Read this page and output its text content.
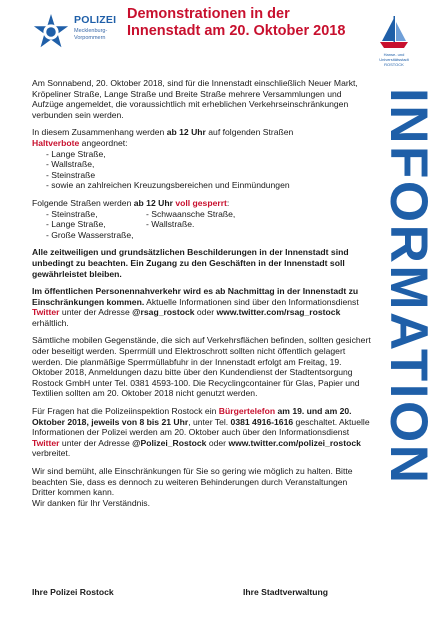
POLIZEI
Mecklenburg-Vorpommern
Demonstrationen in der
Innenstadt am 20. Oktober 2018
Hanse- und Universitätsstadt ROSTOCK

Am Sonnabend, 20. Oktober 2018, sind für die Innenstadt einschließlich Neuer Markt, Kröpeliner Straße, Lange Straße und Breite Straße mehrere Versammlungen und Aufzüge angemeldet, die voraussichtlich mit erheblichen Verkehrseinschränkungen verbunden sein werden.

In diesem Zusammenhang werden ab 12 Uhr auf folgenden Straßen
Haltverbote angeordnet:
- Lange Straße,
- Wallstraße,
- Steinstraße
- sowie an zahlreichen Kreuzungsbereichen und Einmündungen
Folgende Straßen werden ab 12 Uhr voll gesperrt:
- Steinstraße,
- Lange Straße,
- Große Wasserstraße,
- Schwaansche Straße,
- Wallstraße.

Alle zeitweiligen und grundsätzlichen Beschilderungen in der Innenstadt sind unbedingt zu beachten. Ein Zugang zu den Geschäften in der Innenstadt soll gewährleistet bleiben.

Im öffentlichen Personennahverkehr wird es ab Nachmittag in der Innenstadt zu Einschränkungen kommen. Aktuelle Informationen sind über den Informationsdienst Twitter unter der Adresse @rsag_rostock oder www.twitter.com/rsag_rostock erhältlich.

Sämtliche mobilen Gegenstände, die sich auf Verkehrsflächen befinden, sollten gesichert oder beseitigt werden. Sperrmüll und Elektroschrott sollten nicht öffentlich gelagert werden. Die planmäßige Sperrmüllabfuhr in der Innenstadt erfolgt am Freitag, 19. Oktober 2018, Anmeldungen dazu bitte über den Kundendienst der Stadtentsorgung Rostock GmbH unter Tel. 0381 4593-100. Die Recyclingcontainer für Glas, Papier und Textilien sollten am 20. Oktober 2018 nicht genutzt werden.

Für Fragen hat die Polizeiinspektion Rostock ein Bürgertelefon am 19. und am 20. Oktober 2018, jeweils von 8 bis 21 Uhr, unter Tel. 0381 4916-1616 geschaltet. Aktuelle Informationen der Polizei werden am 20. Oktober auch über den Informationsdienst Twitter unter der Adresse @Polizei_Rostock oder www.twitter.com/polizei_rostock verbreitet.

Wir sind bemüht, alle Einschränkungen für Sie so gering wie möglich zu halten. Bitte beachten Sie, dass es dennoch zu weiteren Behinderungen durch Veranstaltungen Dritter kommen kann.
Wir danken für Ihr Verständnis.

Ihre Polizei Rostock	Ihre Stadtverwaltung
INFORMATION
